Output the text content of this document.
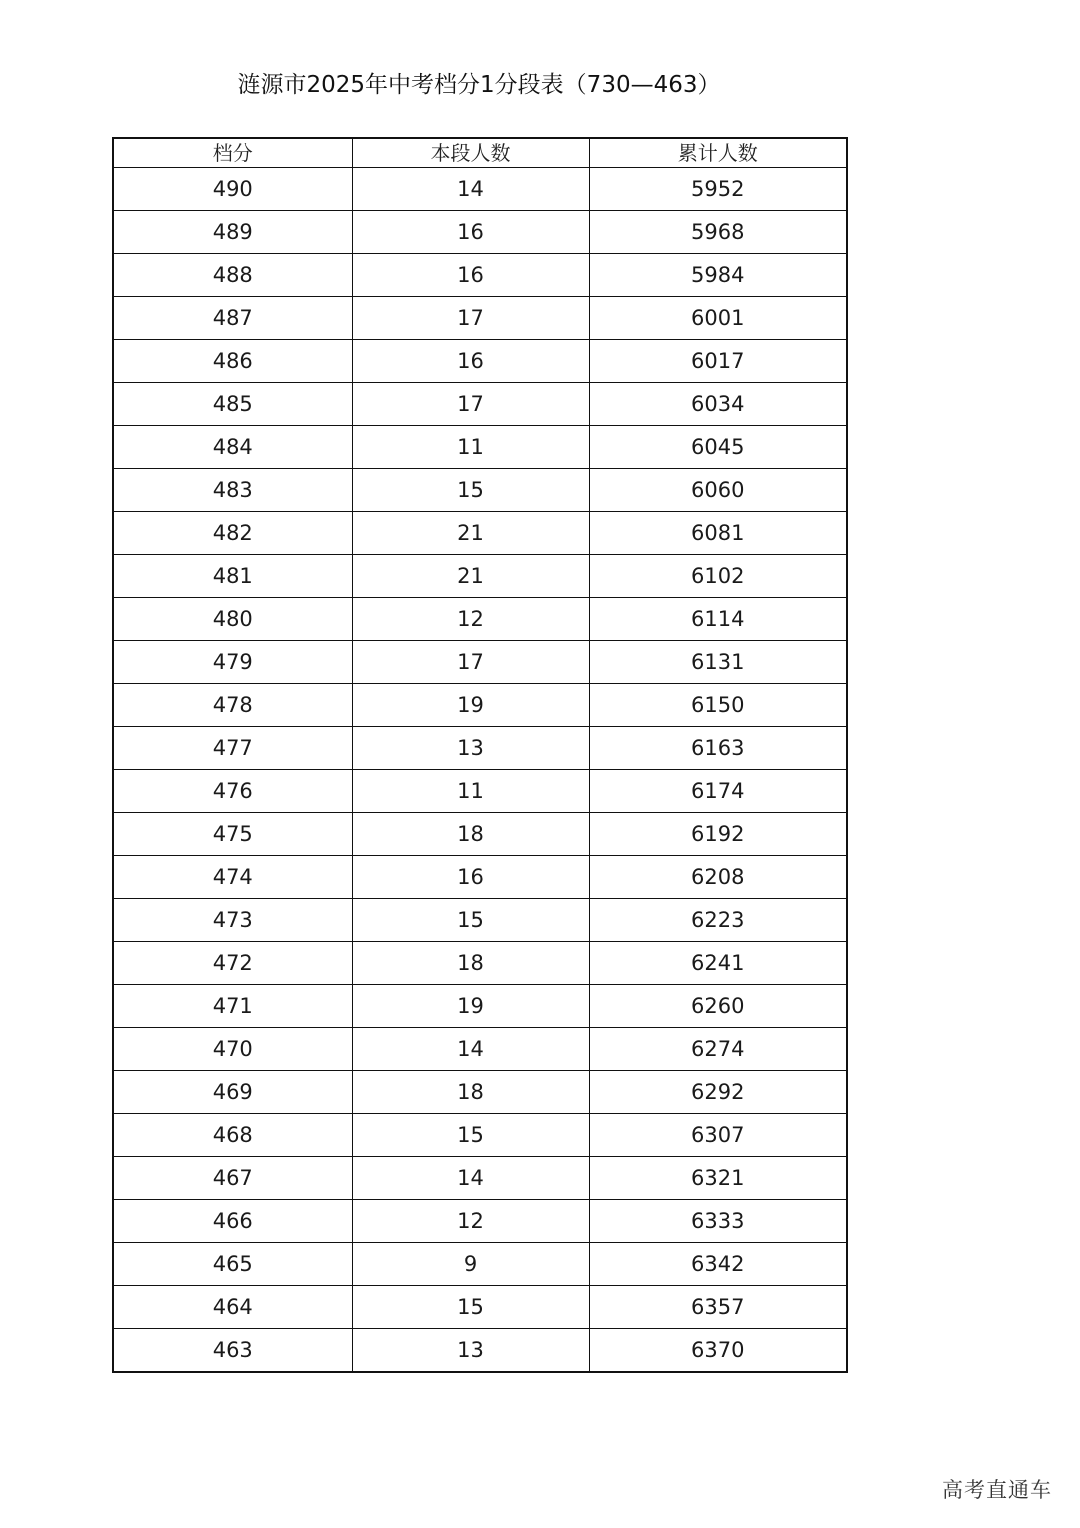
涟源市2025年中考档分1分段表（730—463）
档分	本段人数	累计人数
490	14	5952
489	16	5968
488	16	5984
487	17	6001
486	16	6017
485	17	6034
484	11	6045
483	15	6060
482	21	6081
481	21	6102
480	12	6114
479	17	6131
478	19	6150
477	13	6163
476	11	6174
475	18	6192
474	16	6208
473	15	6223
472	18	6241
471	19	6260
470	14	6274
469	18	6292
468	15	6307
467	14	6321
466	12	6333
465	9	6342
464	15	6357
463	13	6370
高考直通车
